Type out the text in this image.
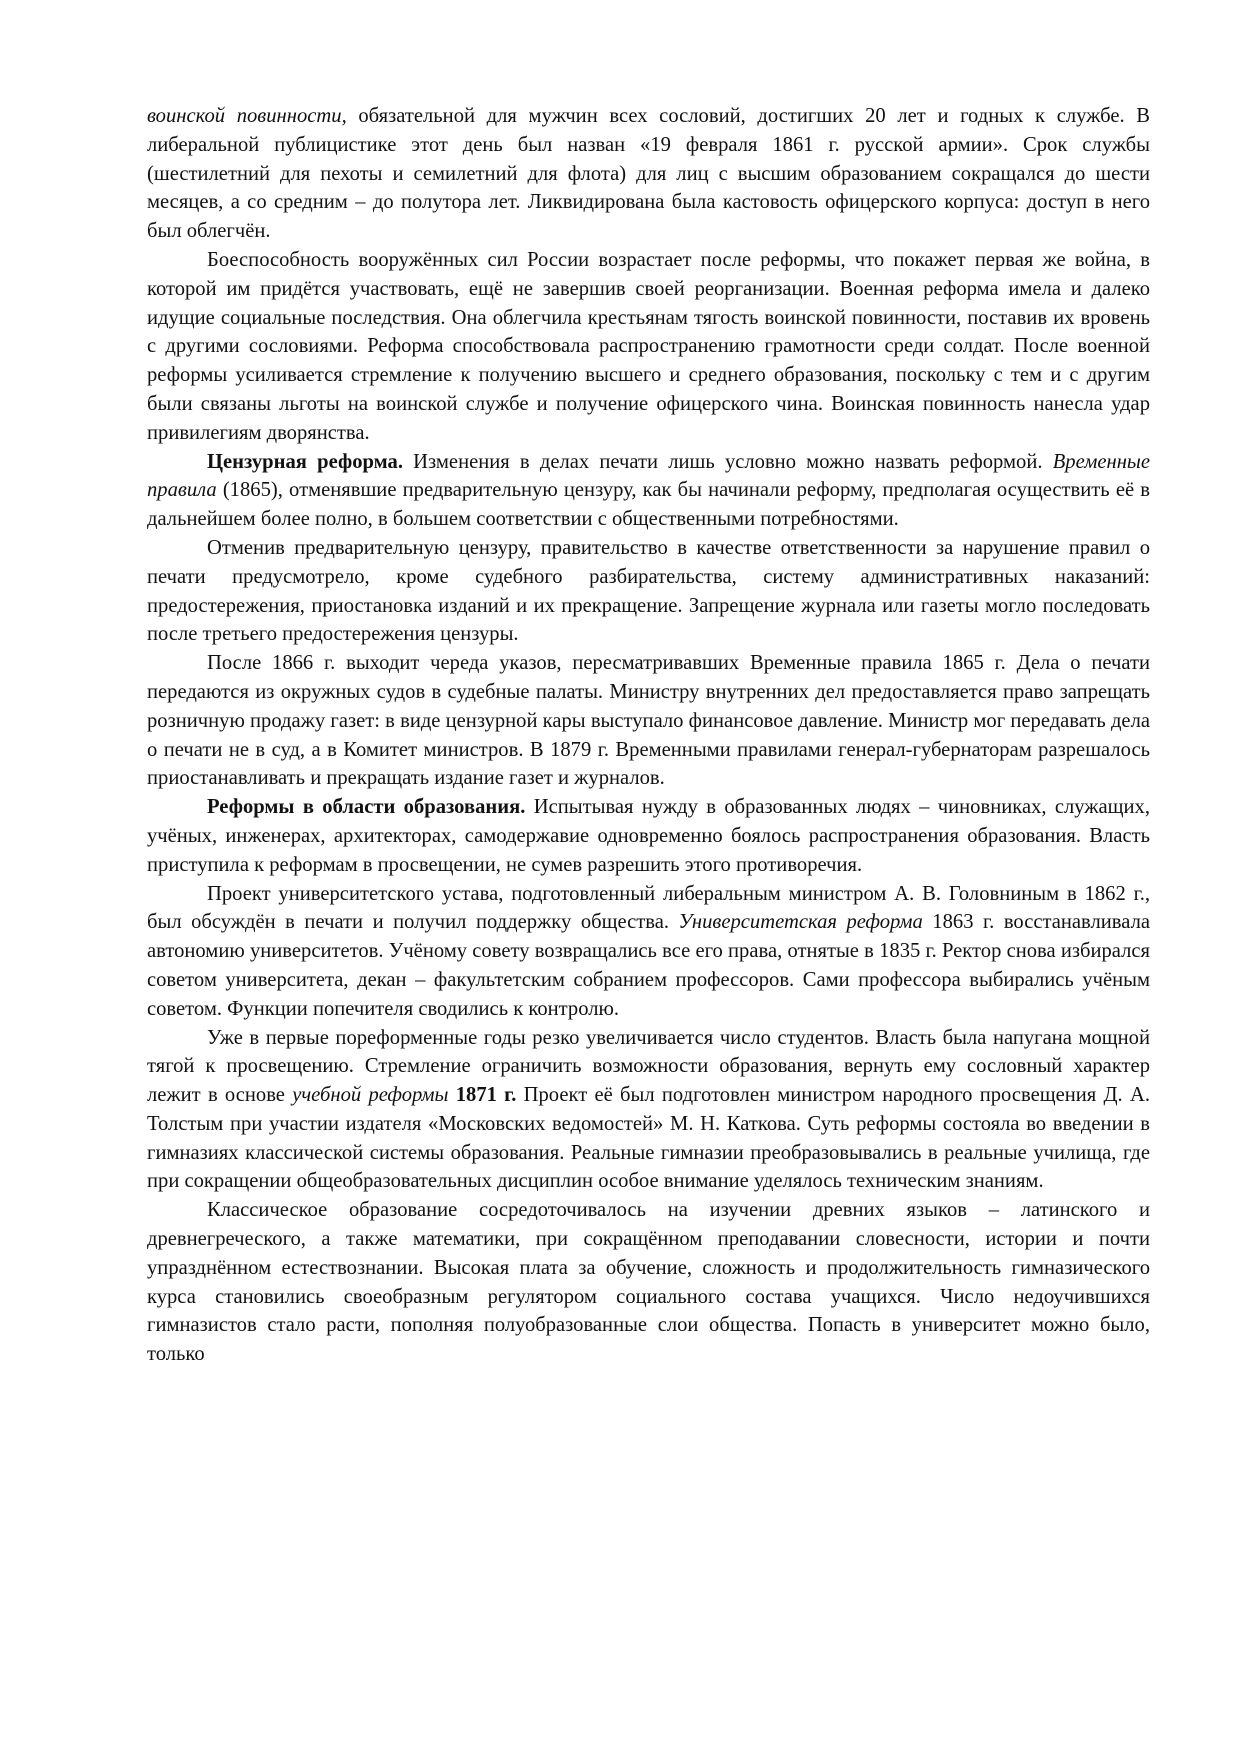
воинской повинности, обязательной для мужчин всех сословий, достигших 20 лет и годных к службе. В либеральной публицистике этот день был назван «19 февраля 1861 г. русской армии». Срок службы (шестилетний для пехоты и семилетний для флота) для лиц с высшим образованием сокращался до шести месяцев, а со средним – до полутора лет. Ликвидирована была кастовость офицерского корпуса: доступ в него был облегчён.

Боеспособность вооружённых сил России возрастает после реформы, что покажет первая же война, в которой им придётся участвовать, ещё не завершив своей реорганизации. Военная реформа имела и далеко идущие социальные последствия. Она облегчила крестьянам тягость воинской повинности, поставив их вровень с другими сословиями. Реформа способствовала распространению грамотности среди солдат. После военной реформы усиливается стремление к получению высшего и среднего образования, поскольку с тем и с другим были связаны льготы на воинской службе и получение офицерского чина. Воинская повинность нанесла удар привилегиям дворянства.

Цензурная реформа. Изменения в делах печати лишь условно можно назвать реформой. Временные правила (1865), отменявшие предварительную цензуру, как бы начинали реформу, предполагая осуществить её в дальнейшем более полно, в большем соответствии с общественными потребностями.

Отменив предварительную цензуру, правительство в качестве ответственности за нарушение правил о печати предусмотрело, кроме судебного разбирательства, систему административных наказаний: предостережения, приостановка изданий и их прекращение. Запрещение журнала или газеты могло последовать после третьего предостережения цензуры.

После 1866 г. выходит череда указов, пересматривавших Временные правила 1865 г. Дела о печати передаются из окружных судов в судебные палаты. Министру внутренних дел предоставляется право запрещать розничную продажу газет: в виде цензурной кары выступало финансовое давление. Министр мог передавать дела о печати не в суд, а в Комитет министров. В 1879 г. Временными правилами генерал-губернаторам разрешалось приостанавливать и прекращать издание газет и журналов.

Реформы в области образования. Испытывая нужду в образованных людях – чиновниках, служащих, учёных, инженерах, архитекторах, самодержавие одновременно боялось распространения образования. Власть приступила к реформам в просвещении, не сумев разрешить этого противоречия.

Проект университетского устава, подготовленный либеральным министром А. В. Головниным в 1862 г., был обсуждён в печати и получил поддержку общества. Университетская реформа 1863 г. восстанавливала автономию университетов. Учёному совету возвращались все его права, отнятые в 1835 г. Ректор снова избирался советом университета, декан – факультетским собранием профессоров. Сами профессора выбирались учёным советом. Функции попечителя сводились к контролю.

Уже в первые пореформенные годы резко увеличивается число студентов. Власть была напугана мощной тягой к просвещению. Стремление ограничить возможности образования, вернуть ему сословный характер лежит в основе учебной реформы 1871 г. Проект её был подготовлен министром народного просвещения Д. А. Толстым при участии издателя «Московских ведомостей» М. Н. Каткова. Суть реформы состояла во введении в гимназиях классической системы образования. Реальные гимназии преобразовывались в реальные училища, где при сокращении общеобразовательных дисциплин особое внимание уделялось техническим знаниям.

Классическое образование сосредоточивалось на изучении древних языков – латинского и древнегреческого, а также математики, при сокращённом преподавании словесности, истории и почти упразднённом естествознании. Высокая плата за обучение, сложность и продолжительность гимназического курса становились своеобразным регулятором социального состава учащихся. Число недоучившихся гимназистов стало расти, пополняя полуобразованные слои общества. Попасть в университет можно было, только
